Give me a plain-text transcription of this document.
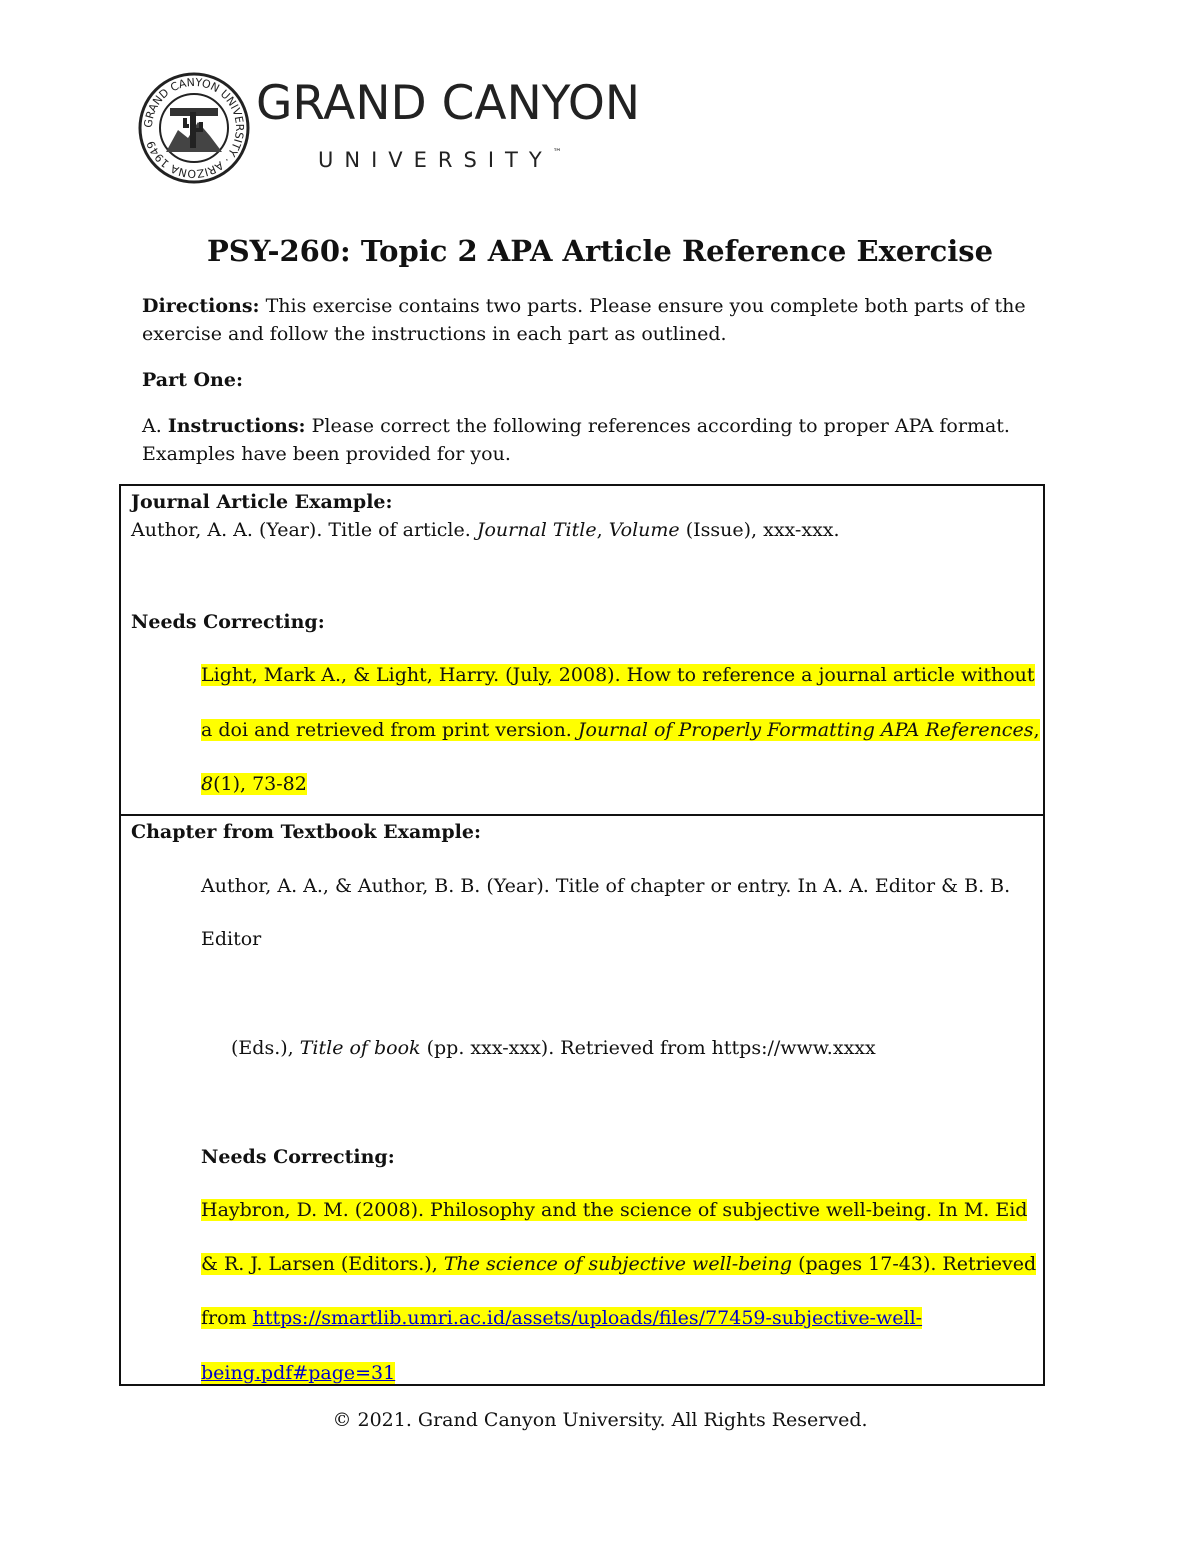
GRAND CANYON UNIVERSITY · ARIZONA 1949
GRAND CANYON
UNIVERSITY™
PSY-260: Topic 2 APA Article Reference Exercise
Directions: This exercise contains two parts. Please ensure you complete both parts of the exercise and follow the instructions in each part as outlined.
Part One:
A. Instructions: Please correct the following references according to proper APA format. Examples have been provided for you.
Journal Article Example:
Author, A. A. (Year). Title of article. Journal Title, Volume (Issue), xxx-xxx.
Needs Correcting:
Light, Mark A., & Light, Harry. (July, 2008). How to reference a journal article without
a doi and retrieved from print version. Journal of Properly Formatting APA References,
8(1), 73-82
Chapter from Textbook Example:
Author, A. A., & Author, B. B. (Year). Title of chapter or entry. In A. A. Editor & B. B.
Editor
(Eds.), Title of book (pp. xxx-xxx). Retrieved from https://www.xxxx
Needs Correcting:
Haybron, D. M. (2008). Philosophy and the science of subjective well-being. In M. Eid
& R. J. Larsen (Editors.), The science of subjective well-being (pages 17-43). Retrieved
from https://smartlib.umri.ac.id/assets/uploads/files/77459-subjective-well-
being.pdf#page=31
© 2021. Grand Canyon University. All Rights Reserved.
